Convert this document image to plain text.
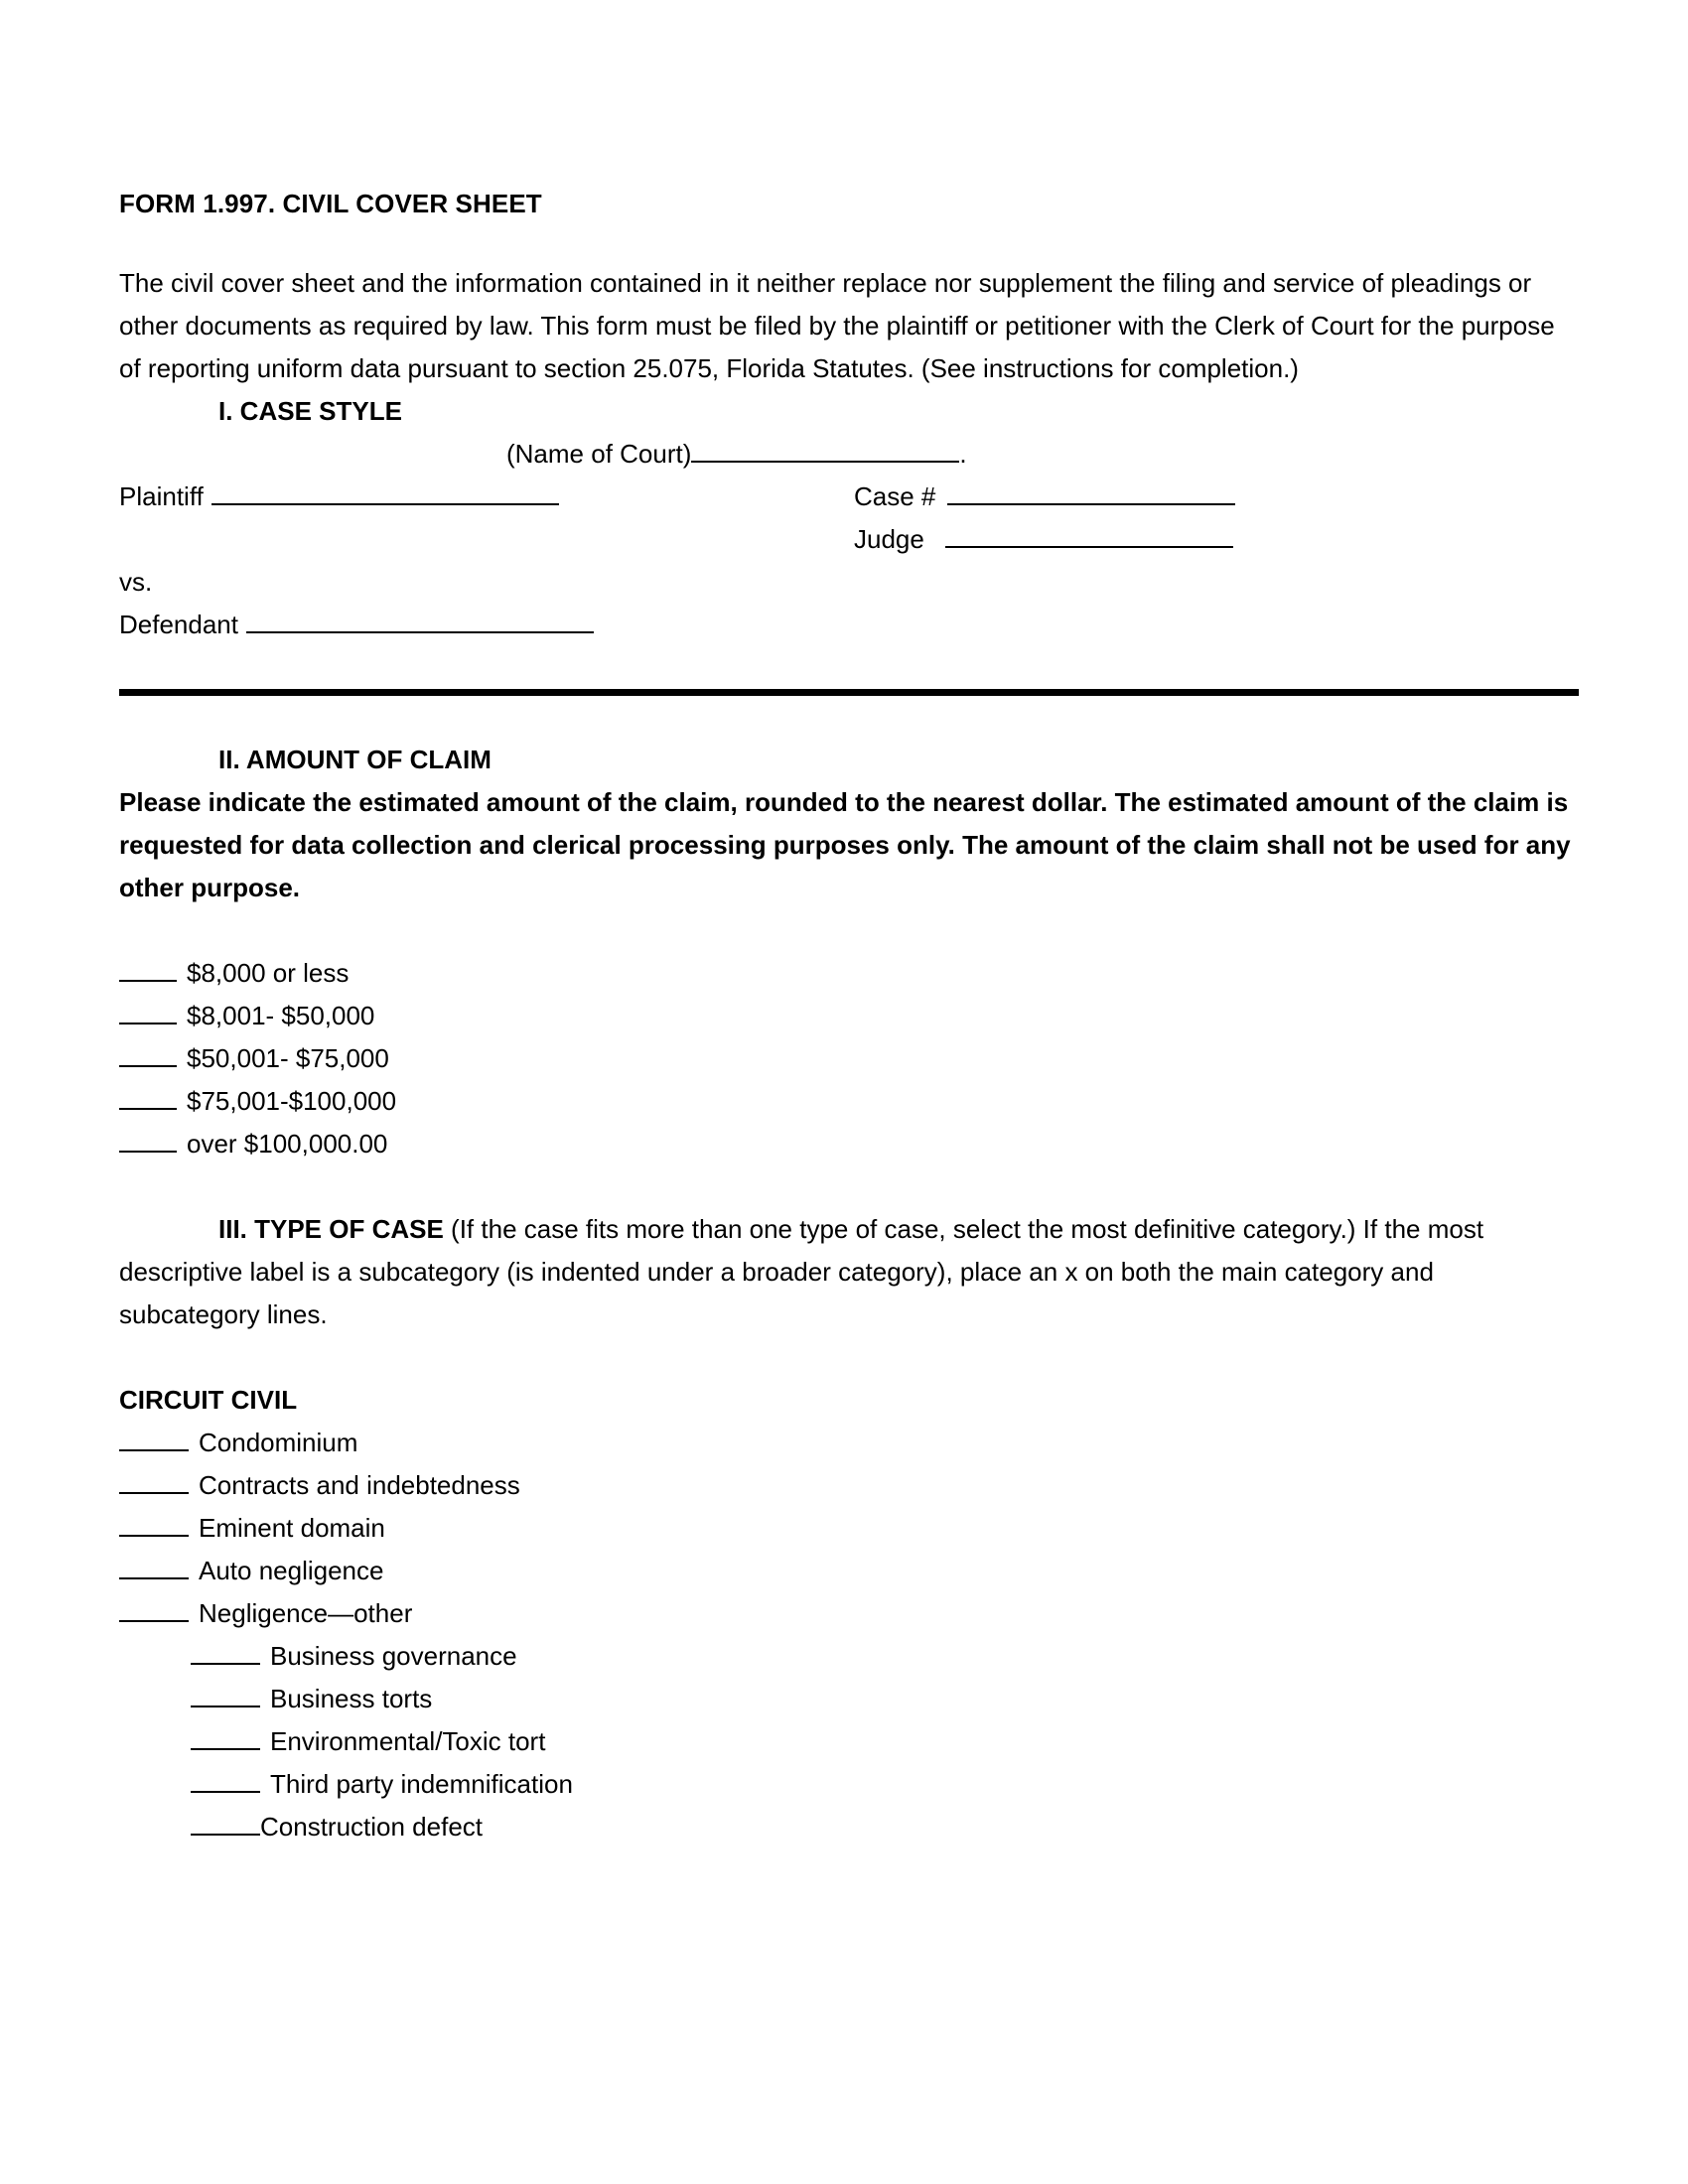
FORM 1.997. CIVIL COVER SHEET

The civil cover sheet and the information contained in it neither replace nor supplement the filing and service of pleadings or other documents as required by law. This form must be filed by the plaintiff or petitioner with the Clerk of Court for the purpose of reporting uniform data pursuant to section 25.075, Florida Statutes. (See instructions for completion.)

I. CASE STYLE

(Name of Court)	.
Plaintiff	Case #
Judge
vs.
Defendant

II. AMOUNT OF CLAIM

Please indicate the estimated amount of the claim, rounded to the nearest dollar. The estimated amount of the claim is requested for data collection and clerical processing purposes only. The amount of the claim shall not be used for any other purpose.

$8,000 or less
$8,001- $50,000
$50,001- $75,000
$75,001-$100,000
over $100,000.00

III. TYPE OF CASE (If the case fits more than one type of case, select the most definitive category.) If the most descriptive label is a subcategory (is indented under a broader category), place an x on both the main category and subcategory lines.

CIRCUIT CIVIL

Condominium
Contracts and indebtedness
Eminent domain
Auto negligence
Negligence—other
Business governance
Business torts
Environmental/Toxic tort
Third party indemnification
Construction defect
